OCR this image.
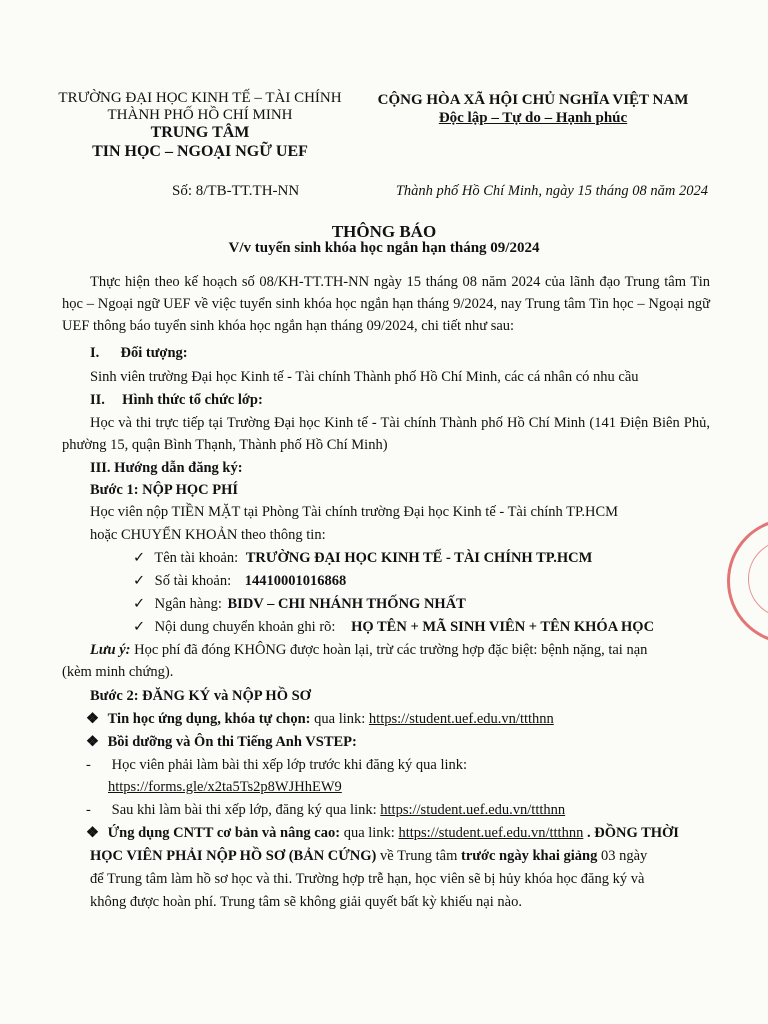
TRƯỜNG ĐẠI HỌC KINH TẾ – TÀI CHÍNH
THÀNH PHỐ HỒ CHÍ MINH
TRUNG TÂM
TIN HỌC – NGOẠI NGỮ UEF
CỘNG HÒA XÃ HỘI CHỦ NGHĨA VIỆT NAM
Độc lập – Tự do – Hạnh phúc
Số: 8/TB-TT.TH-NN	Thành phố Hồ Chí Minh, ngày 15 tháng 08 năm 2024
THÔNG BÁO
V/v tuyển sinh khóa học ngắn hạn tháng 09/2024
Thực hiện theo kế hoạch số 08/KH-TT.TH-NN ngày 15 tháng 08 năm 2024 của lãnh đạo Trung tâm Tin học – Ngoại ngữ UEF về việc tuyển sinh khóa học ngắn hạn tháng 9/2024, nay Trung tâm Tin học – Ngoại ngữ UEF thông báo tuyển sinh khóa học ngắn hạn tháng 09/2024, chi tiết như sau:
I. Đối tượng:
Sinh viên trường Đại học Kinh tế - Tài chính Thành phố Hồ Chí Minh, các cá nhân có nhu cầu
II. Hình thức tổ chức lớp:
Học và thi trực tiếp tại Trường Đại học Kinh tế - Tài chính Thành phố Hồ Chí Minh (141 Điện Biên Phủ, phường 15, quận Bình Thạnh, Thành phố Hồ Chí Minh)
III. Hướng dẫn đăng ký:
Bước 1: NỘP HỌC PHÍ
Học viên nộp TIỀN MẶT tại Phòng Tài chính trường Đại học Kinh tế - Tài chính TP.HCM
hoặc CHUYỂN KHOẢN theo thông tin:
✓ Tên tài khoản: TRƯỜNG ĐẠI HỌC KINH TẾ - TÀI CHÍNH TP.HCM
✓ Số tài khoản: 14410001016868
✓ Ngân hàng: BIDV – CHI NHÁNH THỐNG NHẤT
✓ Nội dung chuyển khoản ghi rõ: HỌ TÊN + MÃ SINH VIÊN + TÊN KHÓA HỌC
Lưu ý: Học phí đã đóng KHÔNG được hoàn lại, trừ các trường hợp đặc biệt: bệnh nặng, tai nạn
(kèm minh chứng).
Bước 2: ĐĂNG KÝ và NỘP HỒ SƠ
❖ Tin học ứng dụng, khóa tự chọn: qua link: https://student.uef.edu.vn/ttthnn
❖ Bồi dưỡng và Ôn thi Tiếng Anh VSTEP:
- Học viên phải làm bài thi xếp lớp trước khi đăng ký qua link:
https://forms.gle/x2ta5Ts2p8WJHhEW9
- Sau khi làm bài thi xếp lớp, đăng ký qua link: https://student.uef.edu.vn/ttthnn
❖ Ứng dụng CNTT cơ bản và nâng cao: qua link: https://student.uef.edu.vn/ttthnn . ĐỒNG THỜI
HỌC VIÊN PHẢI NỘP HỒ SƠ (BẢN CỨNG) về Trung tâm trước ngày khai giảng 03 ngày
để Trung tâm làm hồ sơ học và thi. Trường hợp trễ hạn, học viên sẽ bị hủy khóa học đăng ký và
không được hoàn phí. Trung tâm sẽ không giải quyết bất kỳ khiếu nại nào.
